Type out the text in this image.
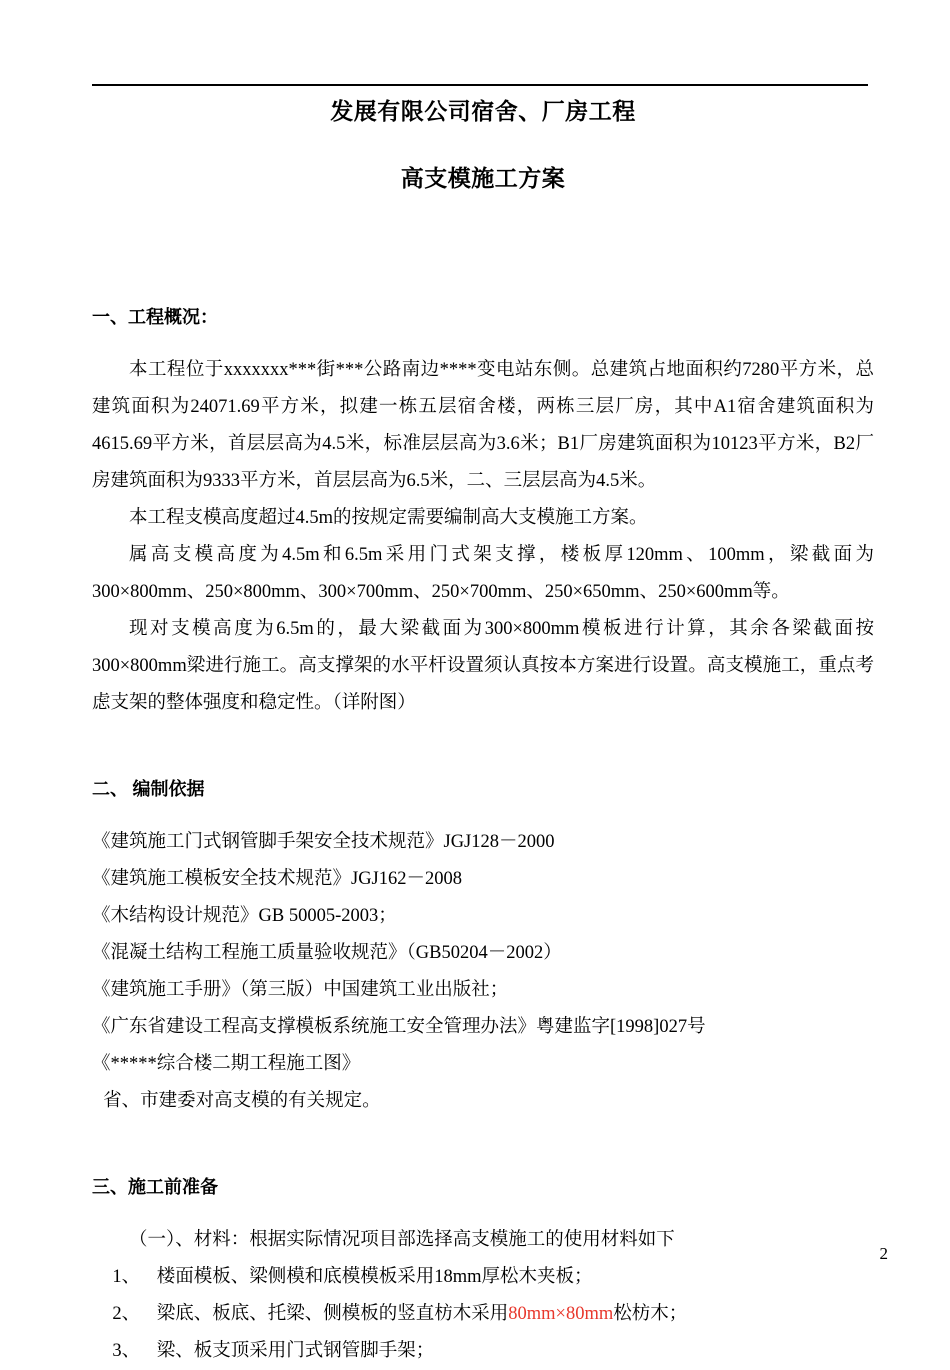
发展有限公司宿舍、厂房工程
高支模施工方案

一、工程概况：

本工程位于xxxxxxx***街***公路南边****变电站东侧。总建筑占地面积约7280平方米，总建筑面积为24071.69平方米，拟建一栋五层宿舍楼，两栋三层厂房，其中A1宿舍建筑面积为4615.69平方米，首层层高为4.5米，标准层层高为3.6米；B1厂房建筑面积为10123平方米，B2厂房建筑面积为9333平方米，首层层高为6.5米，二、三层层高为4.5米。

本工程支模高度超过4.5m的按规定需要编制高大支模施工方案。

属高支模高度为4.5m和6.5m采用门式架支撑，楼板厚120mm、100mm，梁截面为300×800mm、250×800mm、300×700mm、250×700mm、250×650mm、250×600mm等。

现对支模高度为6.5m的，最大梁截面为300×800mm模板进行计算，其余各梁截面按300×800mm梁进行施工。高支撑架的水平杆设置须认真按本方案进行设置。高支模施工，重点考虑支架的整体强度和稳定性。（详附图）

二、 编制依据

《建筑施工门式钢管脚手架安全技术规范》JGJ128－2000

《建筑施工模板安全技术规范》JGJ162－2008

《木结构设计规范》GB 50005-2003；

《混凝土结构工程施工质量验收规范》（GB50204－2002）

《建筑施工手册》（第三版）中国建筑工业出版社；

《广东省建设工程高支撑模板系统施工安全管理办法》粤建监字[1998]027号

《*****综合楼二期工程施工图》

省、市建委对高支模的有关规定。

三、施工前准备

（一）、材料：根据实际情况项目部选择高支模施工的使用材料如下

1、 楼面模板、梁侧模和底模模板采用18mm厚松木夹板；

2、 梁底、板底、托梁、侧模板的竖直枋木采用80mm×80mm松枋木；

3、 梁、板支顶采用门式钢管脚手架；

2
